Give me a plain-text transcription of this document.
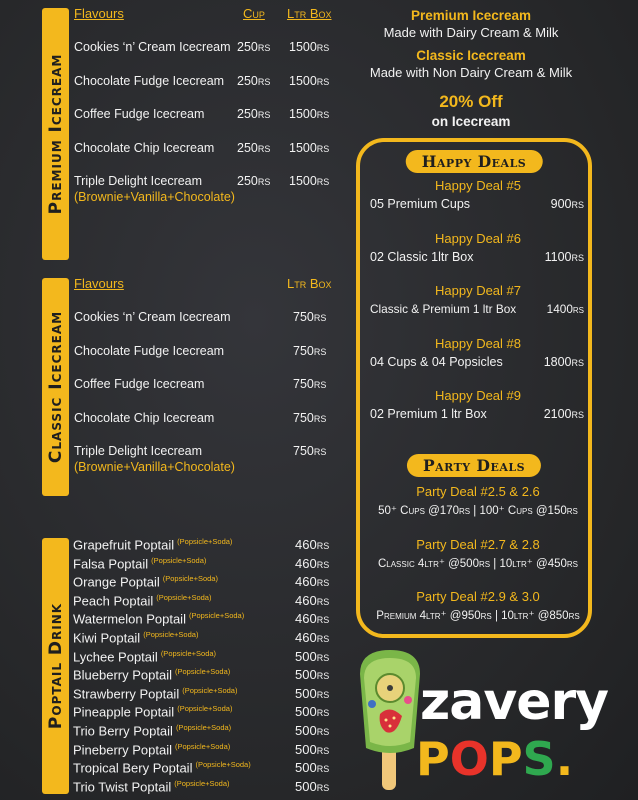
Premium Icecream
Flavours	Cup Ltr Box
Cookies ‘n’ Cream Icecream 250rs 1500rs
Chocolate Fudge Icecream 250rs 1500rs
Coffee Fudge Icecream	250rs 1500rs
Chocolate Chip Icecream 250rs 1500rs
Triple Delight Icecream
(Brownie+Vanilla+Chocolate)
250rs 1500rs
Classic Icecream
Flavours	Ltr Box
Cookies ‘n’ Cream Icecream	750rs
Chocolate Fudge Icecream	750rs
Coffee Fudge Icecream	750rs
Chocolate Chip Icecream	750rs
Triple Delight Icecream
(Brownie+Vanilla+Chocolate)
750rs
Poptail Drink
Grapefruit Poptail $^{(Popsicle+Soda)}$	460rs
Falsa Poptail $^{(Popsicle+Soda)}$	460rs
Orange Poptail $^{(Popsicle+Soda)}$	460rs
Peach Poptail $^{(Popsicle+Soda)}$	460rs
Watermelon Poptail $^{(Popsicle+Soda)}$	460rs
Kiwi Poptail $^{(Popsicle+Soda)}$	460rs
Lychee Poptail $^{(Popsicle+Soda)}$	500rs
Blueberry Poptail $^{(Popsicle+Soda)}$	500rs
Strawberry Poptail $^{(Popsicle+Soda)}$	500rs
Pineapple Poptail $^{(Popsicle+Soda)}$	500rs
Trio Berry Poptail $^{(Popsicle+Soda)}$	500rs
Pineberry Poptail $^{(Popsicle+Soda)}$	500rs
Tropical Bery Poptail $^{(Popsicle+Soda)}$	500rs
Trio Twist Poptail $^{(Popsicle+Soda)}$	500rs
Premium Icecream
Made with Dairy Cream & Milk
Classic Icecream
Made with Non Dairy Cream & Milk
20% Off
on Icecream
Happy Deals
Happy Deal #5
05 Premium Cups	900rs
Happy Deal #6
02 Classic 1ltr Box	1100rs
Happy Deal #7
Classic & Premium 1 ltr Box	1400rs
Happy Deal #8
04 Cups & 04 Popsicles	1800rs
Happy Deal #9
02 Premium 1 ltr Box	2100rs
Party Deals
Party Deal #2.5 & 2.6
50⁺ Cups @170rs | 100⁺ Cups @150rs
Party Deal #2.7 & 2.8
Classic 4ltr⁺ @500rs | 10ltr⁺ @450rs
Party Deal #2.9 & 3.0
Premium 4ltr⁺ @950rs | 10ltr⁺ @850rs
zavery
POPS.
